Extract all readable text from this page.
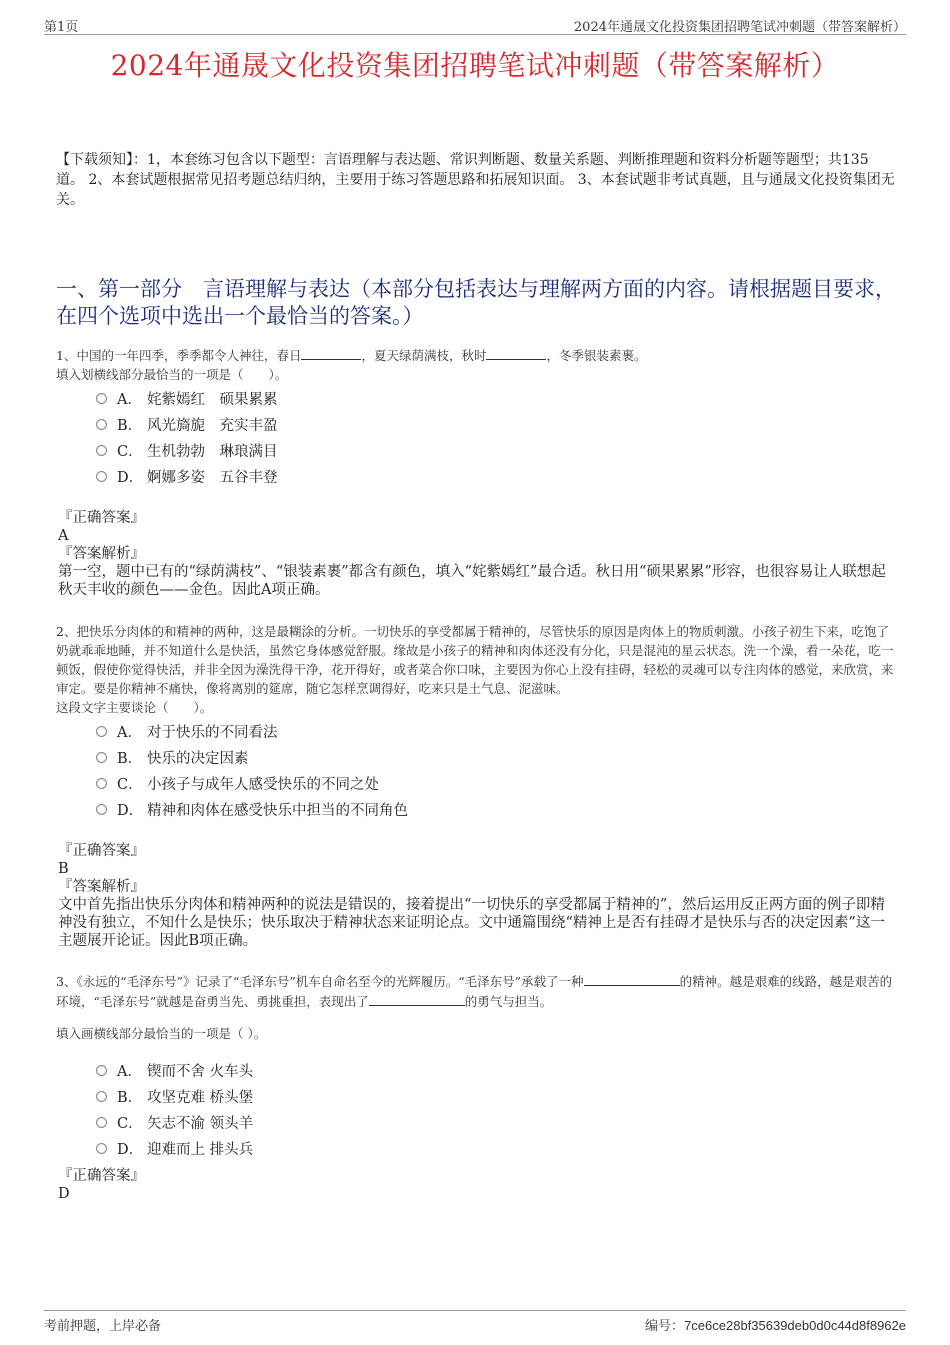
第1页	2024年通晟文化投资集团招聘笔试冲刺题（带答案解析）
2024年通晟文化投资集团招聘笔试冲刺题（带答案解析）
【下载须知】：1，本套练习包含以下题型：言语理解与表达题、常识判断题、数量关系题、判断推理题和资料分析题等题型；共135道。 2、本套试题根据常见招考题总结归纳，主要用于练习答题思路和拓展知识面。 3、本套试题非考试真题，且与通晟文化投资集团无关。
一、第一部分　言语理解与表达（本部分包括表达与理解两方面的内容。请根据题目要求，在四个选项中选出一个最恰当的答案。）
1、中国的一年四季，季季都令人神往，春日	，夏天绿荫满枝，秋时	，冬季银装素裹。
填入划横线部分最恰当的一项是（　　）。
A． 姹紫嫣红　硕果累累
B． 风光旖旎　充实丰盈
C． 生机勃勃　琳琅满目
D． 婀娜多姿　五谷丰登
『正确答案』
A
『答案解析』
第一空，题中已有的“绿荫满枝”、“银装素裹”都含有颜色，填入“姹紫嫣红”最合适。秋日用“硕果累累”形容，也很容易让人联想起秋天丰收的颜色——金色。因此A项正确。
2、把快乐分肉体的和精神的两种，这是最糊涂的分析。一切快乐的享受都属于精神的，尽管快乐的原因是肉体上的物质刺激。小孩子初生下来，吃饱了奶就乖乖地睡，并不知道什么是快活，虽然它身体感觉舒服。缘故是小孩子的精神和肉体还没有分化，只是混沌的星云状态。洗一个澡，看一朵花，吃一顿饭，假使你觉得快活，并非全因为澡洗得干净，花开得好，或者菜合你口味，主要因为你心上没有挂碍，轻松的灵魂可以专注肉体的感觉，来欣赏，来审定。要是你精神不痛快，像将离别的筵席，随它怎样烹调得好，吃来只是土气息、泥滋味。
这段文字主要谈论（　　）。
A． 对于快乐的不同看法
B． 快乐的决定因素
C． 小孩子与成年人感受快乐的不同之处
D． 精神和肉体在感受快乐中担当的不同角色
『正确答案』
B
『答案解析』
文中首先指出快乐分肉体和精神两种的说法是错误的，接着提出“一切快乐的享受都属于精神的”，然后运用反正两方面的例子即精神没有独立，不知什么是快乐；快乐取决于精神状态来证明论点。文中通篇围绕“精神上是否有挂碍才是快乐与否的决定因素”这一主题展开论证。因此B项正确。
3、《永远的“毛泽东号”》记录了“毛泽东号”机车自命名至今的光辉履历。“毛泽东号”承载了一种	的精神。越是艰难的线路，越是艰苦的环境，“毛泽东号”就越是奋勇当先、勇挑重担，表现出了	的勇气与担当。
填入画横线部分最恰当的一项是（ ）。
A． 锲而不舍 火车头
B． 攻坚克难 桥头堡
C． 矢志不渝 领头羊
D． 迎难而上 排头兵
『正确答案』
D
考前押题，上岸必备	编号：7ce6ce28bf35639deb0d0c44d8f8962e
